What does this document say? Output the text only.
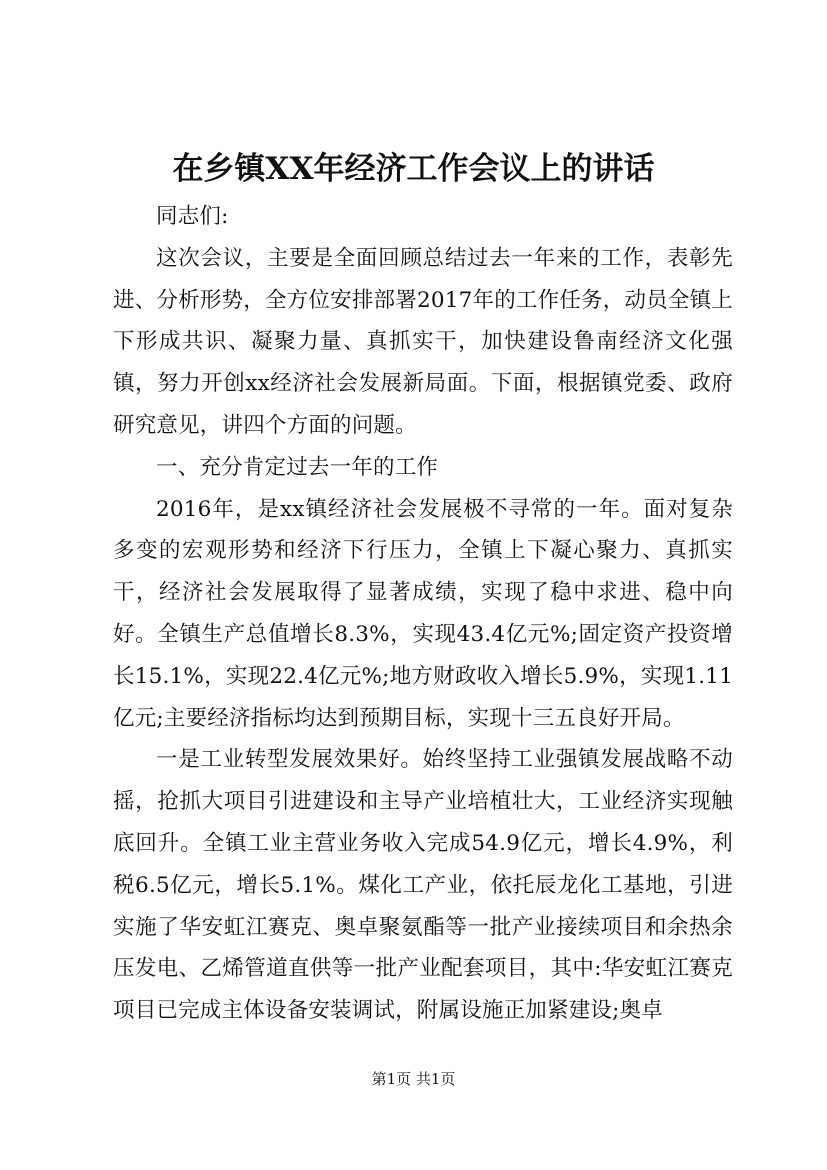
在乡镇XX年经济工作会议上的讲话

同志们:

这次会议，主要是全面回顾总结过去一年来的工作，表彰先进、分析形势，全方位安排部署2017年的工作任务，动员全镇上下形成共识、凝聚力量、真抓实干，加快建设鲁南经济文化强镇，努力开创xx经济社会发展新局面。下面，根据镇党委、政府研究意见，讲四个方面的问题。

一、充分肯定过去一年的工作

2016年，是xx镇经济社会发展极不寻常的一年。面对复杂多变的宏观形势和经济下行压力，全镇上下凝心聚力、真抓实干，经济社会发展取得了显著成绩，实现了稳中求进、稳中向好。全镇生产总值增长8.3%，实现43.4亿元%;固定资产投资增长15.1%，实现22.4亿元%;地方财政收入增长5.9%，实现1.11亿元;主要经济指标均达到预期目标，实现十三五良好开局。

一是工业转型发展效果好。始终坚持工业强镇发展战略不动摇，抢抓大项目引进建设和主导产业培植壮大，工业经济实现触底回升。全镇工业主营业务收入完成54.9亿元，增长4.9%，利税6.5亿元，增长5.1%。煤化工产业，依托辰龙化工基地，引进实施了华安虹江赛克、奥卓聚氨酯等一批产业接续项目和余热余压发电、乙烯管道直供等一批产业配套项目，其中:华安虹江赛克项目已完成主体设备安装调试，附属设施正加紧建设;奥卓

第1页 共1页
